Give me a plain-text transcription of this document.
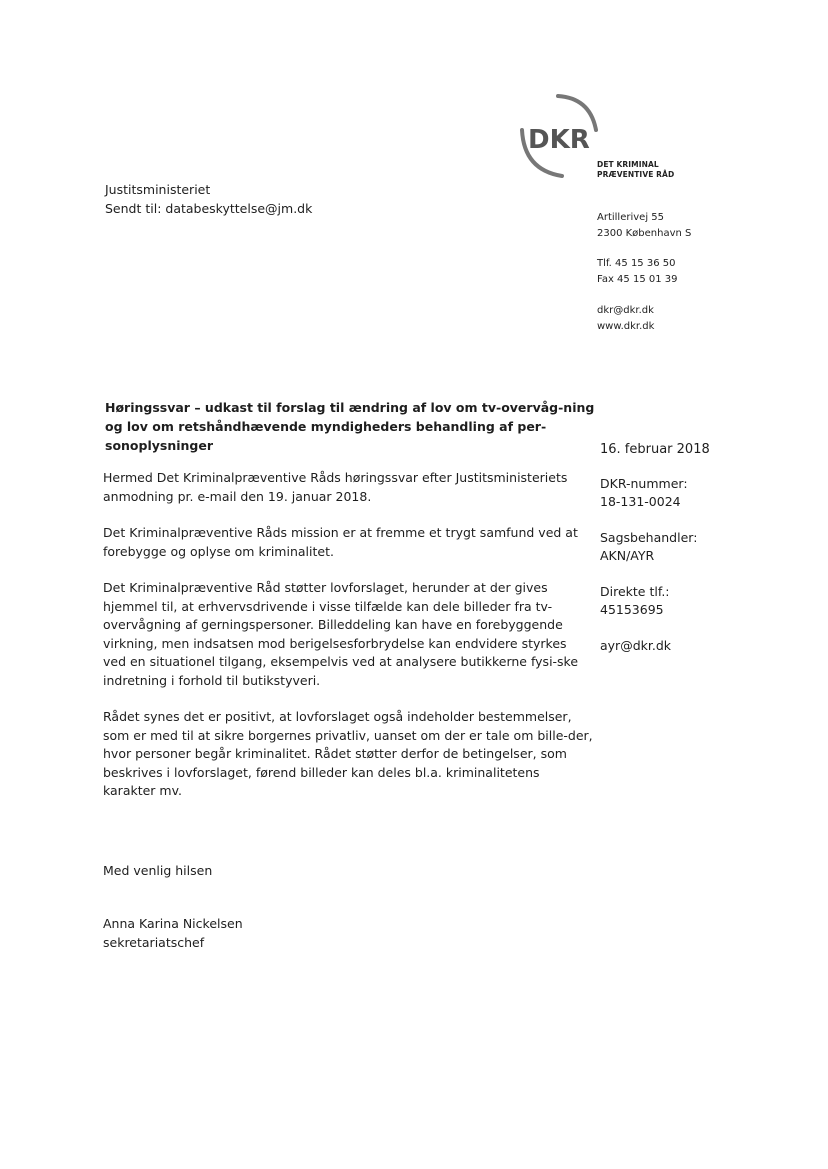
DKR
DET KRIMINAL
PRÆVENTIVE RÅD
Artillerivej 55
2300 København S
Tlf. 45 15 36 50
Fax 45 15 01 39
dkr@dkr.dk
www.dkr.dk
Justitsministeriet
Sendt til: databeskyttelse@jm.dk
Høringssvar – udkast til forslag til ændring af lov om tv-overvåg-ning og lov om retshåndhævende myndigheders behandling af per-sonoplysninger	16. februar 2018
DKR-nummer:
18-131-0024
Sagsbehandler:
AKN/AYR
Direkte tlf.:
45153695
ayr@dkr.dk

Hermed Det Kriminalpræventive Råds høringssvar efter Justitsministeriets anmodning pr. e-mail den 19. januar 2018.

Det Kriminalpræventive Råds mission er at fremme et trygt samfund ved at forebygge og oplyse om kriminalitet.

Det Kriminalpræventive Råd støtter lovforslaget, herunder at der gives hjemmel til, at erhvervsdrivende i visse tilfælde kan dele billeder fra tv-overvågning af gerningspersoner. Billeddeling kan have en forebyggende virkning, men indsatsen mod berigelsesforbrydelse kan endvidere styrkes ved en situationel tilgang, eksempelvis ved at analysere butikkerne fysi-ske indretning i forhold til butikstyveri.

Rådet synes det er positivt, at lovforslaget også indeholder bestemmelser, som er med til at sikre borgernes privatliv, uanset om der er tale om bille-der, hvor personer begår kriminalitet. Rådet støtter derfor de betingelser, som beskrives i lovforslaget, førend billeder kan deles bl.a. kriminalitetens karakter mv.

Med venlig hilsen
Anna Karina Nickelsen
sekretariatschef
